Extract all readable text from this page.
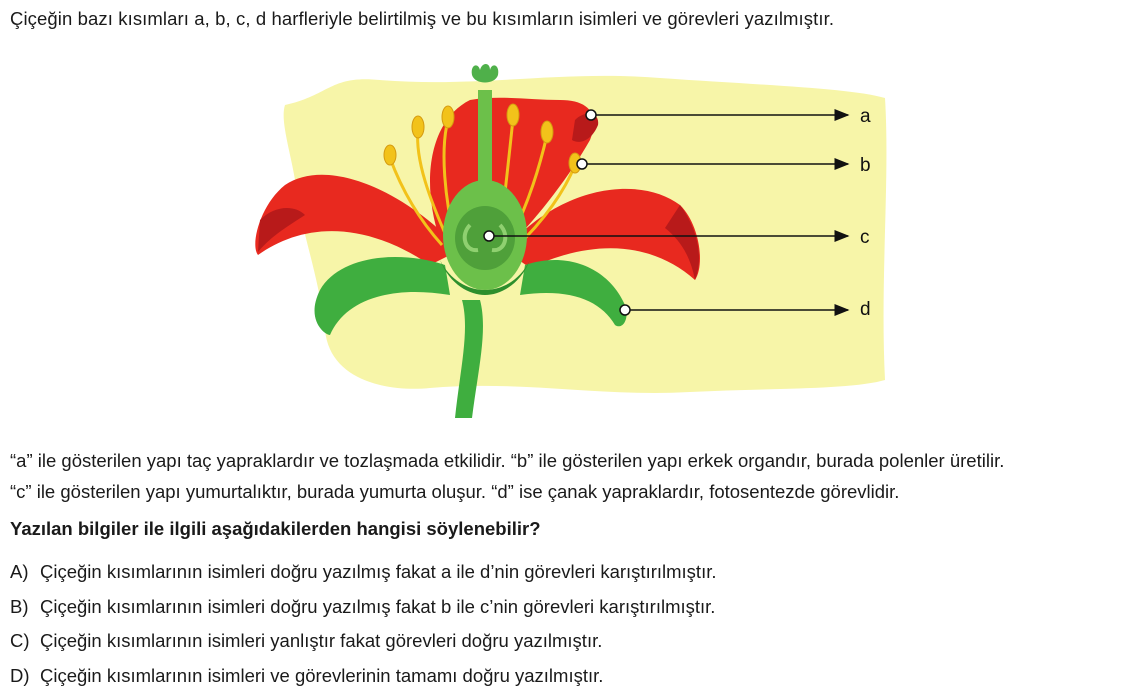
Çiçeğin bazı kısımları a, b, c, d harfleriyle belirtilmiş ve bu kısımların isimleri ve görevleri yazılmıştır.
a
b
c
d
“a” ile gösterilen yapı taç yapraklardır ve tozlaşmada etkilidir. “b” ile gösterilen yapı erkek organdır, burada polenler üretilir.
“c” ile gösterilen yapı yumurtalıktır, burada yumurta oluşur. “d” ise çanak yapraklardır, fotosentezde görevlidir.
Yazılan bilgiler ile ilgili aşağıdakilerden hangisi söylenebilir?
A) Çiçeğin kısımlarının isimleri doğru yazılmış fakat a ile d’nin görevleri karıştırılmıştır.
B) Çiçeğin kısımlarının isimleri doğru yazılmış fakat b ile c’nin görevleri karıştırılmıştır.
C) Çiçeğin kısımlarının isimleri yanlıştır fakat görevleri doğru yazılmıştır.
D) Çiçeğin kısımlarının isimleri ve görevlerinin tamamı doğru yazılmıştır.
